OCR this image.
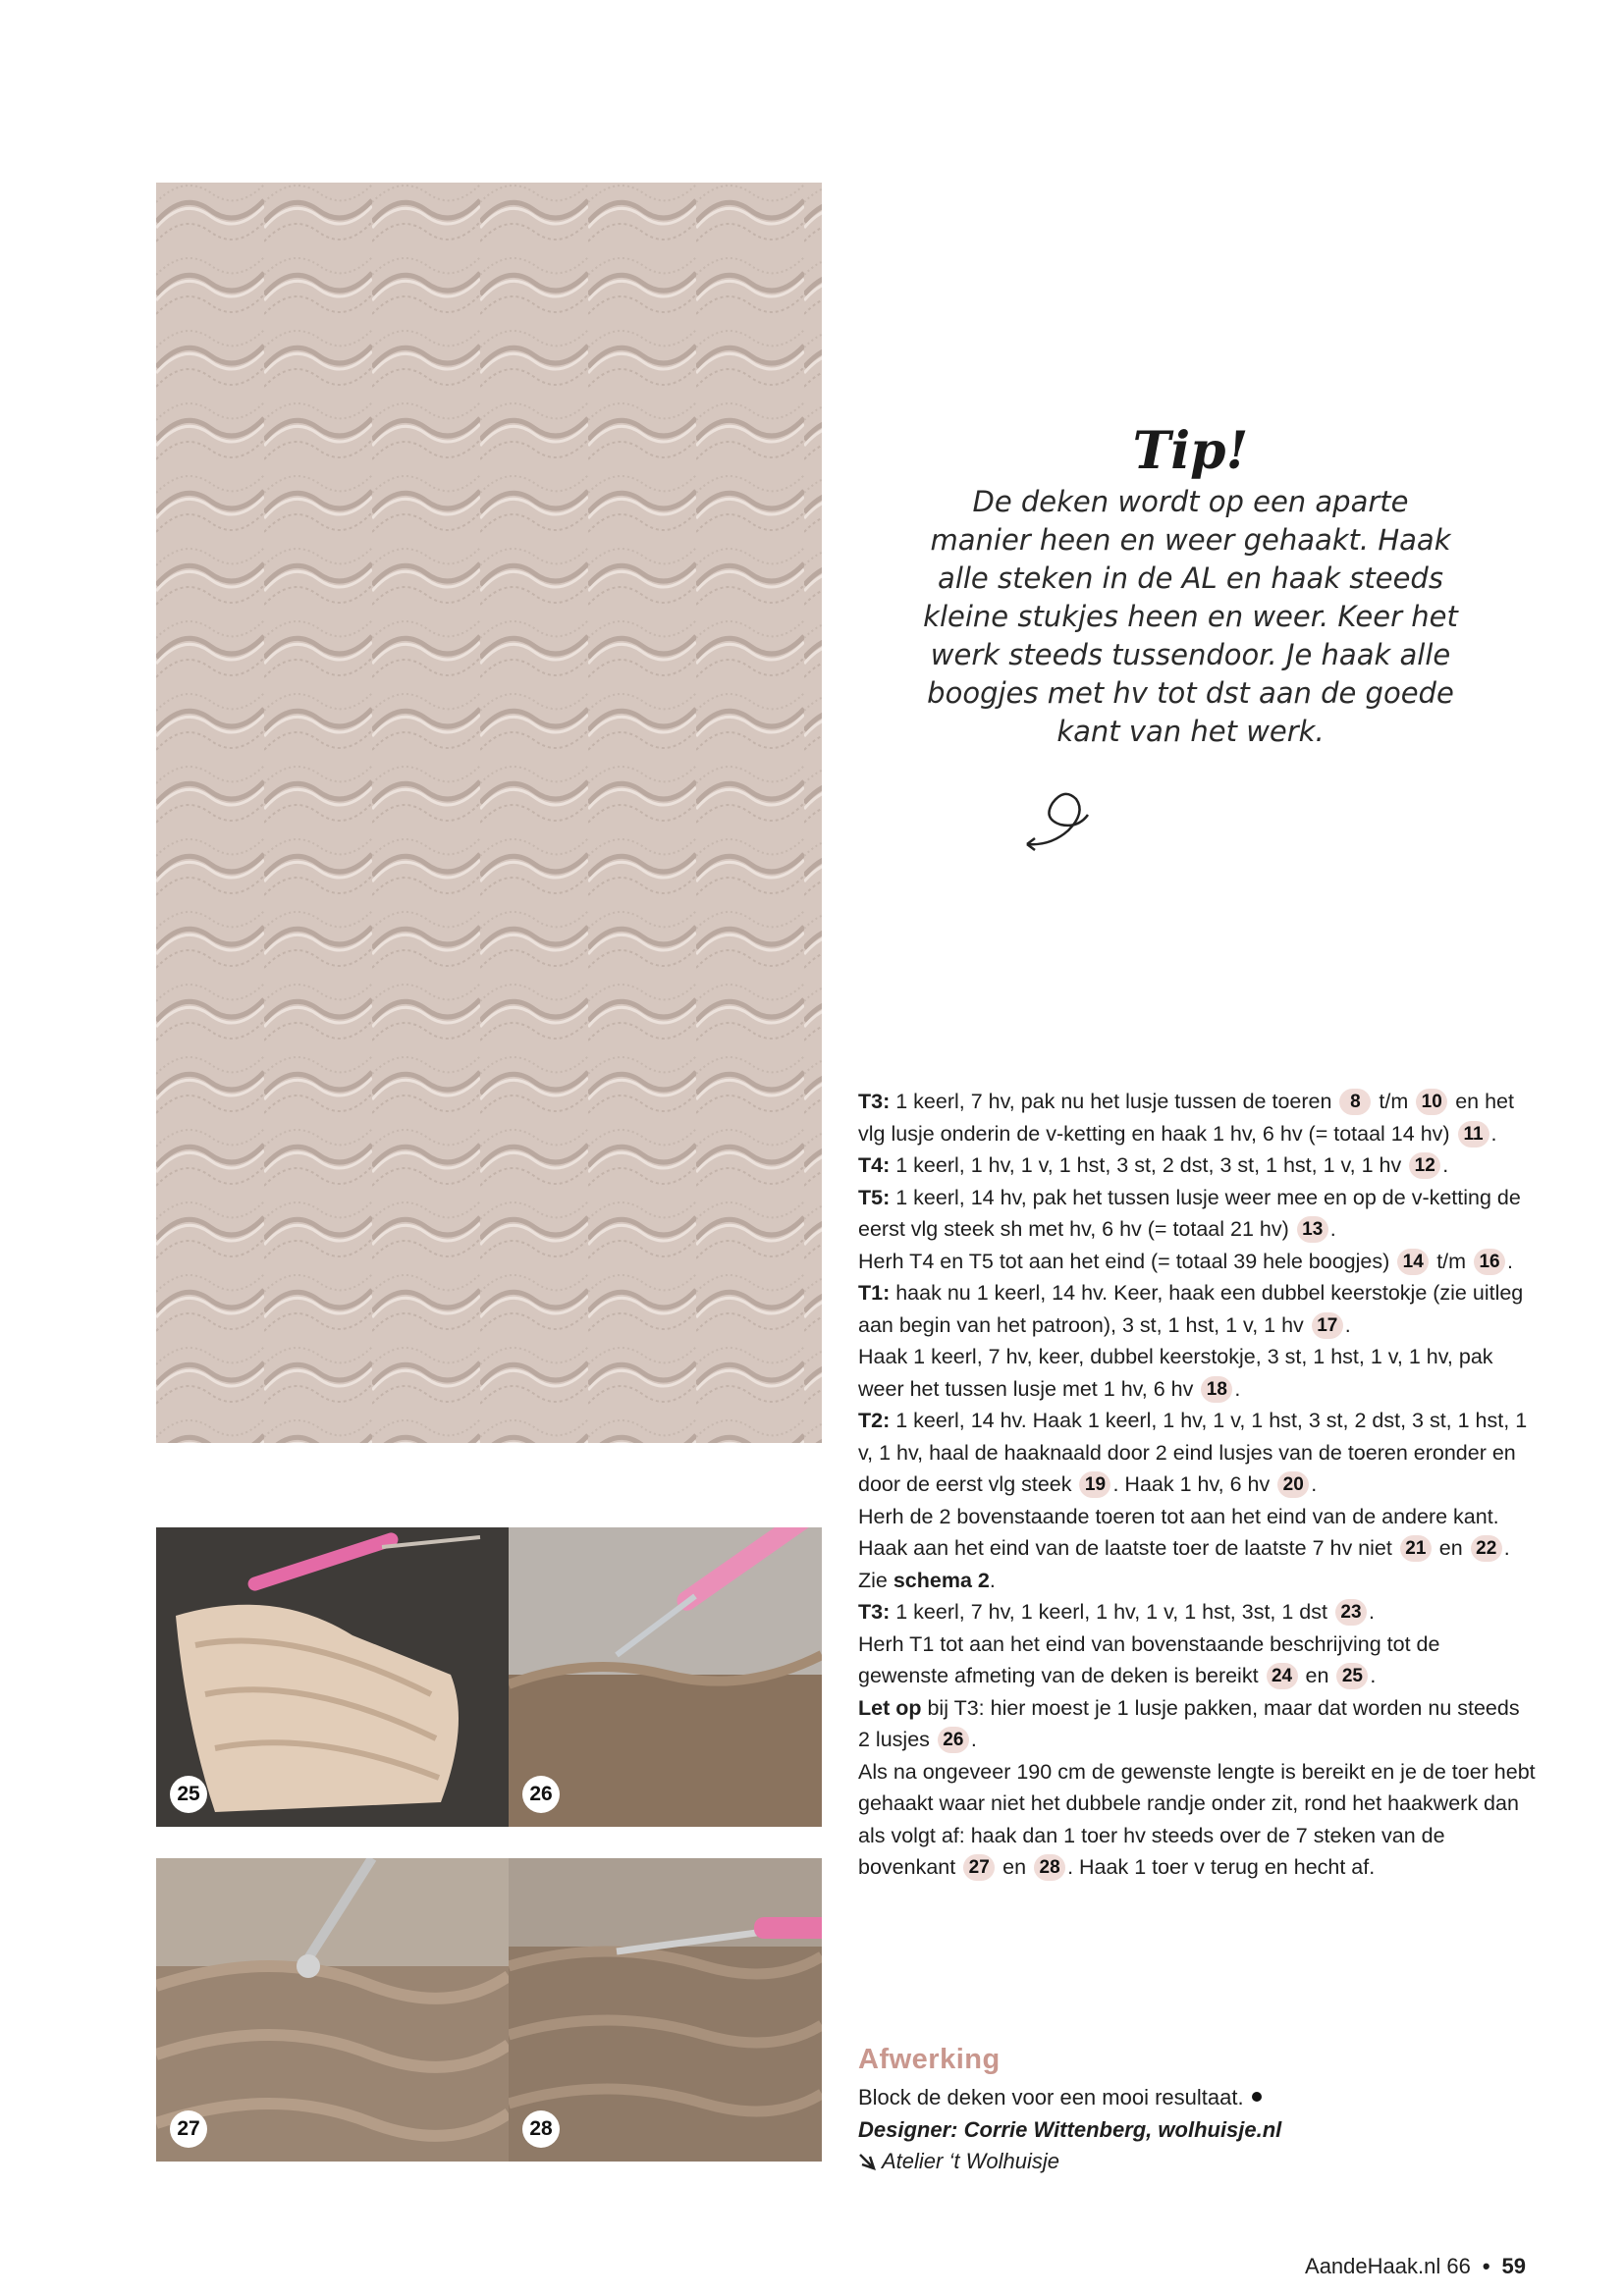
25	26
27	28
Tip!
De deken wordt op een aparte manier heen en weer gehaakt. Haak alle steken in de AL en haak steeds kleine stukjes heen en weer. Keer het werk steeds tussendoor. Je haak alle boogjes met hv tot dst aan de goede kant van het werk.

T3: 1 keerl, 7 hv, pak nu het lusje tussen de toeren 8 t/m 10 en het vlg lusje onderin de v-ketting en haak 1 hv, 6 hv (= totaal 14 hv) 11 .

T4: 1 keerl, 1 hv, 1 v, 1 hst, 3 st, 2 dst, 3 st, 1 hst, 1 v, 1 hv 12 .

T5: 1 keerl, 14 hv, pak het tussen lusje weer mee en op de v-ketting de eerst vlg steek sh met hv, 6 hv (= totaal 21 hv) 13 .

Herh T4 en T5 tot aan het eind (= totaal 39 hele boogjes) 14 t/m 16 .

T1: haak nu 1 keerl, 14 hv. Keer, haak een dubbel keerstokje (zie uitleg aan begin van het patroon), 3 st, 1 hst, 1 v, 1 hv 17 .

Haak 1 keerl, 7 hv, keer, dubbel keerstokje, 3 st, 1 hst, 1 v, 1 hv, pak weer het tussen lusje met 1 hv, 6 hv 18 .

T2: 1 keerl, 14 hv. Haak 1 keerl, 1 hv, 1 v, 1 hst, 3 st, 2 dst, 3 st, 1 hst, 1 v, 1 hv, haal de haaknaald door 2 eind lusjes van de toeren eronder en door de eerst vlg steek 19 . Haak 1 hv, 6 hv 20 .

Herh de 2 bovenstaande toeren tot aan het eind van de andere kant. Haak aan het eind van de laatste toer de laatste 7 hv niet 21 en 22 . Zie schema 2.

T3: 1 keerl, 7 hv, 1 keerl, 1 hv, 1 v, 1 hst, 3st, 1 dst 23 .

Herh T1 tot aan het eind van bovenstaande beschrijving tot de gewenste afmeting van de deken is bereikt 24 en 25 .

Let op bij T3: hier moest je 1 lusje pakken, maar dat worden nu steeds 2 lusjes 26 .

Als na ongeveer 190 cm de gewenste lengte is bereikt en je de toer hebt gehaakt waar niet het dubbele randje onder zit, rond het haakwerk dan als volgt af: haak dan 1 toer hv steeds over de 7 steken van de bovenkant 27 en 28 . Haak 1 toer v terug en hecht af.

Afwerking

Block de deken voor een mooi resultaat.

Designer: Corrie Wittenberg, wolhuisje.nl

Atelier ‘t Wolhuisje

AandeHaak.nl 66 • 59
